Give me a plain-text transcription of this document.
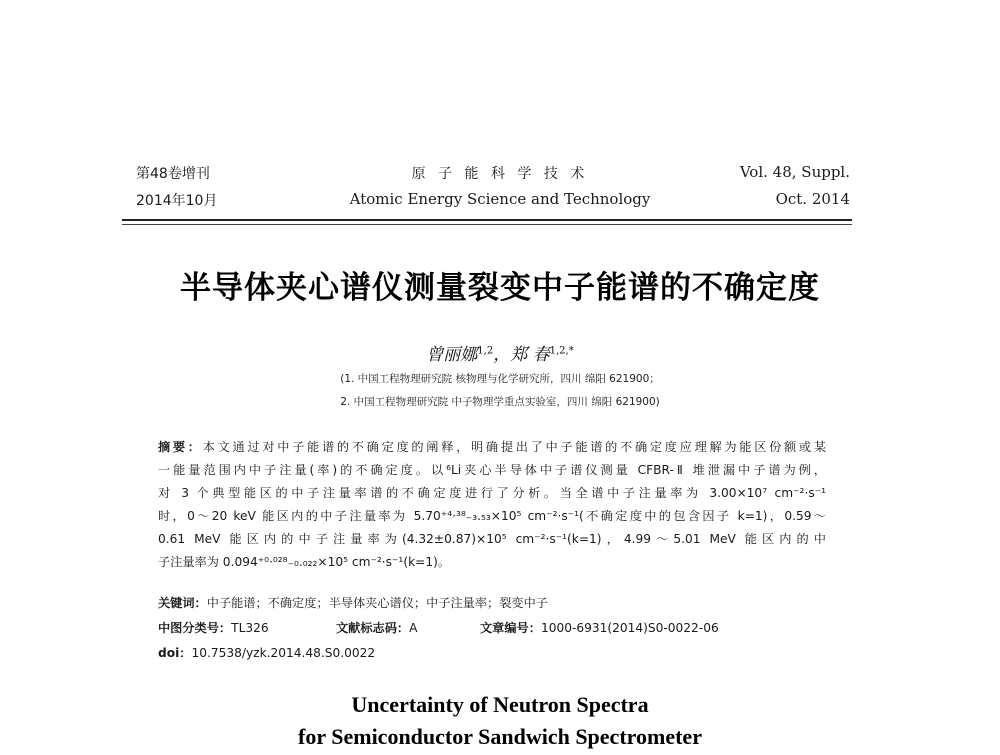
第48卷增刊
2014年10月
原 子 能 科 学 技 术
Atomic Energy Science and Technology
Vol. 48, Suppl.
Oct. 2014
半导体夹心谱仪测量裂变中子能谱的不确定度
曾丽娜$^{1,2}$，郑 春$^{1,2,*}$
(1. 中国工程物理研究院 核物理与化学研究所，四川 绵阳 621900；
2. 中国工程物理研究院 中子物理学重点实验室，四川 绵阳 621900)
摘要：本文通过对中子能谱的不确定度的阐释，明确提出了中子能谱的不确定度应理解为能区份额或某
一能量范围内中子注量(率)的不确定度。以⁶Li夹心半导体中子谱仪测量 CFBR-Ⅱ 堆泄漏中子谱为例，
对 3 个典型能区的中子注量率谱的不确定度进行了分析。当全谱中子注量率为 3.00×10⁷ cm⁻²·s⁻¹
时，0～20 keV 能区内的中子注量率为 5.70⁺⁴·³⁸₋₃.₅₃×10⁵ cm⁻²·s⁻¹(不确定度中的包含因子 k=1)，0.59～
0.61 MeV 能区内的中子注量率为(4.32±0.87)×10⁵ cm⁻²·s⁻¹(k=1)，4.99～5.01 MeV 能区内的中
子注量率为 0.094⁺⁰·⁰²⁸₋₀.₀₂₂×10⁵ cm⁻²·s⁻¹(k=1)。
关键词：中子能谱；不确定度；半导体夹心谱仪；中子注量率；裂变中子
中图分类号：TL326	文献标志码：A	文章编号：1000-6931(2014)S0-0022-06
doi：10.7538/yzk.2014.48.S0.0022
Uncertainty of Neutron Spectra
for Semiconductor Sandwich Spectrometer
